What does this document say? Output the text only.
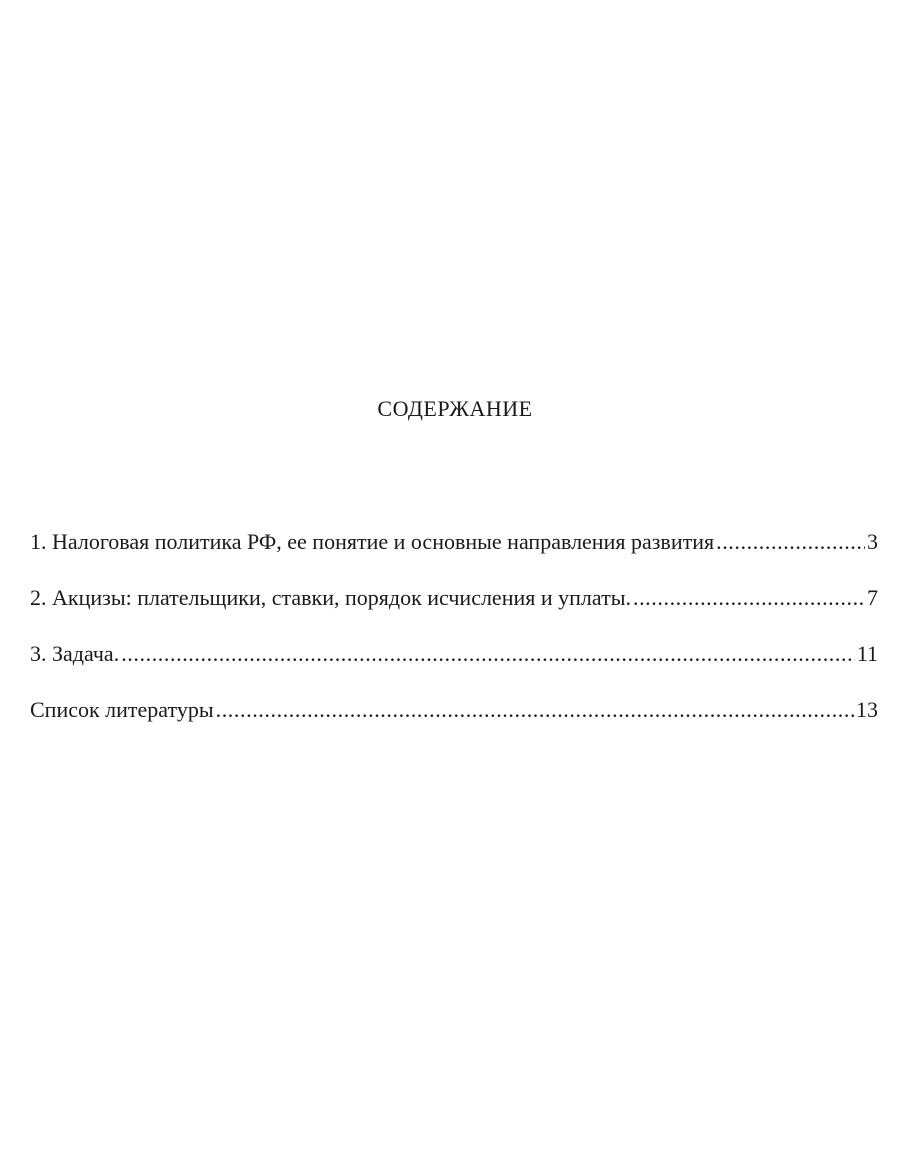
СОДЕРЖАНИЕ
1. Налоговая политика РФ, ее понятие и основные направления развития .....	3
2. Акцизы: плательщики, ставки, порядок исчисления и уплаты. .....	7
3. Задача. .....	11
Список литературы .....	13
